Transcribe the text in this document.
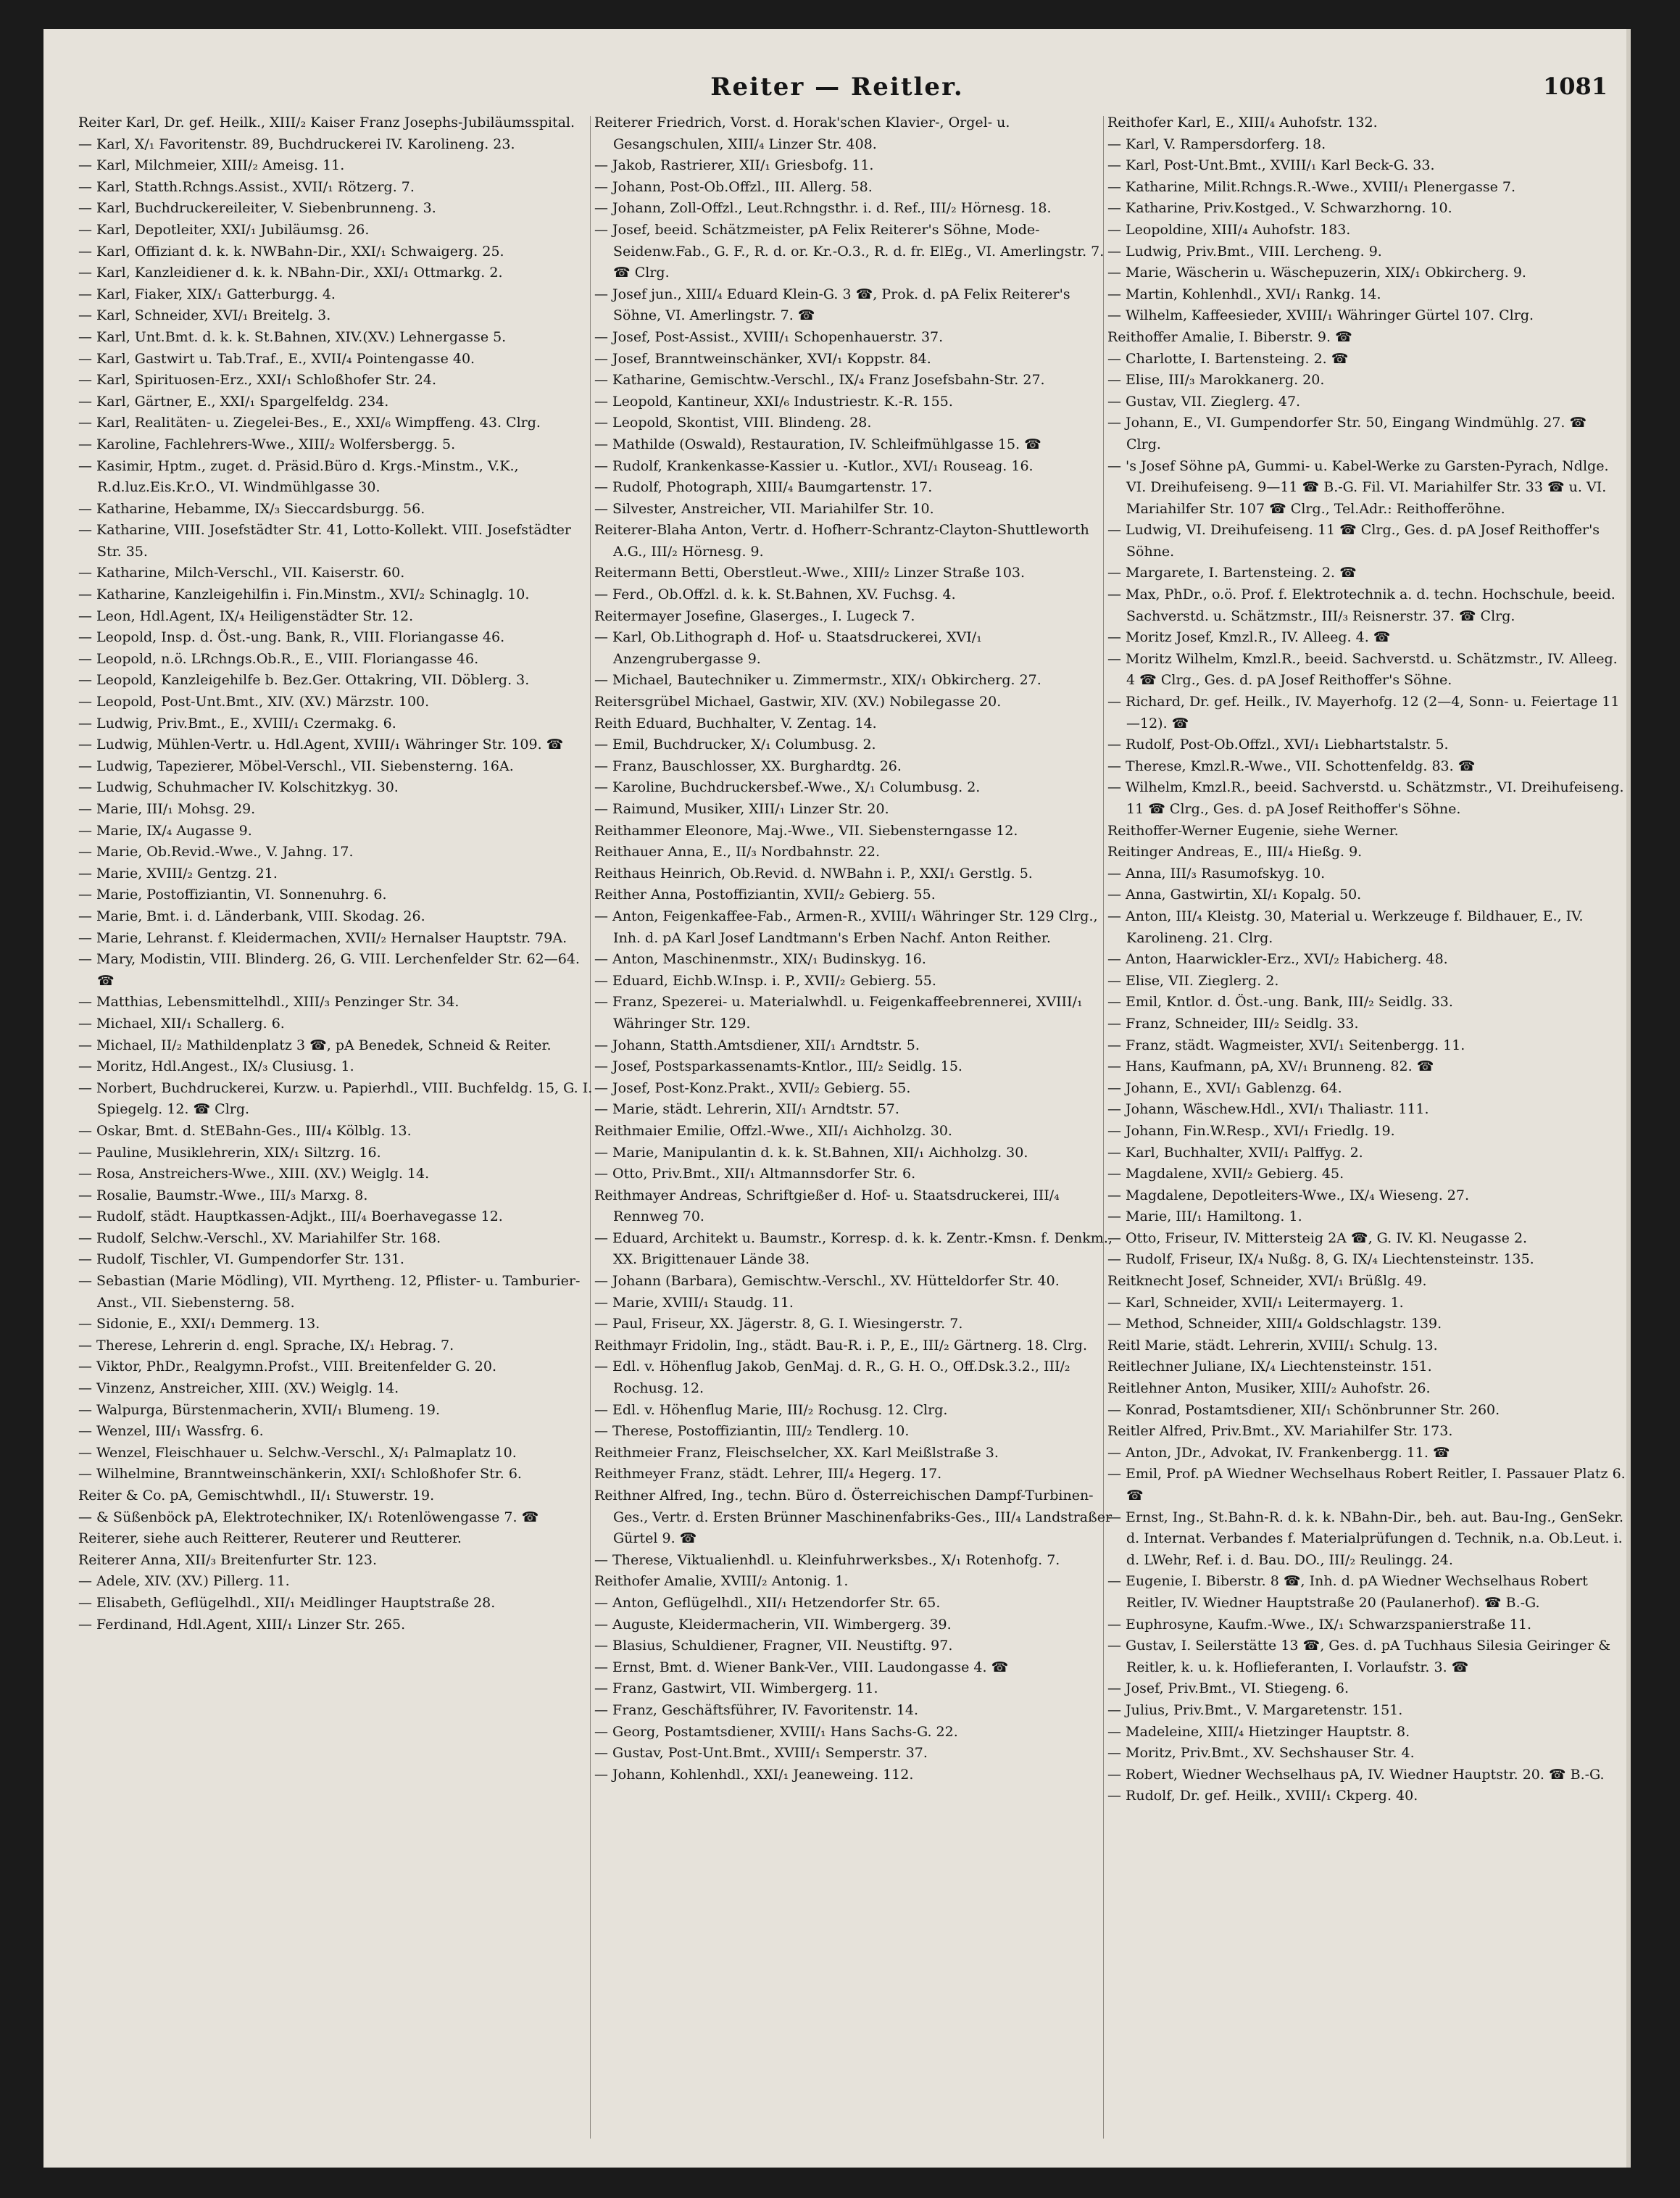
Reiter — Reitler.	1081
Reiter Karl, Dr. gef. Heilk., XIII/₂ Kaiser Franz Josephs-Jubiläumsspital.
— Karl, X/₁ Favoritenstr. 89, Buchdruckerei IV. Karolineng. 23.
— Karl, Milchmeier, XIII/₂ Ameisg. 11.
— Karl, Statth.Rchngs.Assist., XVII/₁ Rötzerg. 7.
— Karl, Buchdruckereileiter, V. Siebenbrunneng. 3.
— Karl, Depotleiter, XXI/₁ Jubiläumsg. 26.
— Karl, Offiziant d. k. k. NWBahn-Dir., XXI/₁ Schwaigerg. 25.
— Karl, Kanzleidiener d. k. k. NBahn-Dir., XXI/₁ Ottmarkg. 2.
— Karl, Fiaker, XIX/₁ Gatterburgg. 4.
— Karl, Schneider, XVI/₁ Breitelg. 3.
— Karl, Unt.Bmt. d. k. k. St.Bahnen, XIV.(XV.) Lehnergasse 5.
— Karl, Gastwirt u. Tab.Traf., E., XVII/₄ Pointengasse 40.
— Karl, Spirituosen-Erz., XXI/₁ Schloßhofer Str. 24.
— Karl, Gärtner, E., XXI/₁ Spargelfeldg. 234.
— Karl, Realitäten- u. Ziegelei-Bes., E., XXI/₆ Wimpffeng. 43. Clrg.
— Karoline, Fachlehrers-Wwe., XIII/₂ Wolfersbergg. 5.
— Kasimir, Hptm., zuget. d. Präsid.Büro d. Krgs.-Minstm., V.K., R.d.luz.Eis.Kr.O., VI. Windmühlgasse 30.
— Katharine, Hebamme, IX/₃ Sieccardsburgg. 56.
— Katharine, VIII. Josefstädter Str. 41, Lotto-Kollekt. VIII. Josefstädter Str. 35.
— Katharine, Milch-Verschl., VII. Kaiserstr. 60.
— Katharine, Kanzleigehilfin i. Fin.Minstm., XVI/₂ Schinaglg. 10.
— Leon, Hdl.Agent, IX/₄ Heiligenstädter Str. 12.
— Leopold, Insp. d. Öst.-ung. Bank, R., VIII. Floriangasse 46.
— Leopold, n.ö. LRchngs.Ob.R., E., VIII. Floriangasse 46.
— Leopold, Kanzleigehilfe b. Bez.Ger. Ottakring, VII. Döblerg. 3.
— Leopold, Post-Unt.Bmt., XIV. (XV.) Märzstr. 100.
— Ludwig, Priv.Bmt., E., XVIII/₁ Czermakg. 6.
— Ludwig, Mühlen-Vertr. u. Hdl.Agent, XVIII/₁ Währinger Str. 109. ☎
— Ludwig, Tapezierer, Möbel-Verschl., VII. Siebensterng. 16A.
— Ludwig, Schuhmacher IV. Kolschitzkyg. 30.
— Marie, III/₁ Mohsg. 29.
— Marie, IX/₄ Augasse 9.
— Marie, Ob.Revid.-Wwe., V. Jahng. 17.
— Marie, XVIII/₂ Gentzg. 21.
— Marie, Postoffiziantin, VI. Sonnenuhrg. 6.
— Marie, Bmt. i. d. Länderbank, VIII. Skodag. 26.
— Marie, Lehranst. f. Kleidermachen, XVII/₂ Hernalser Hauptstr. 79A.
— Mary, Modistin, VIII. Blinderg. 26, G. VIII. Lerchenfelder Str. 62—64. ☎
— Matthias, Lebensmittelhdl., XIII/₃ Penzinger Str. 34.
— Michael, XII/₁ Schallerg. 6.
— Michael, II/₂ Mathildenplatz 3 ☎, pA Benedek, Schneid & Reiter.
— Moritz, Hdl.Angest., IX/₃ Clusiusg. 1.
— Norbert, Buchdruckerei, Kurzw. u. Papierhdl., VIII. Buchfeldg. 15, G. I. Spiegelg. 12. ☎ Clrg.
— Oskar, Bmt. d. StEBahn-Ges., III/₄ Kölblg. 13.
— Pauline, Musiklehrerin, XIX/₁ Siltzrg. 16.
— Rosa, Anstreichers-Wwe., XIII. (XV.) Weiglg. 14.
— Rosalie, Baumstr.-Wwe., III/₃ Marxg. 8.
— Rudolf, städt. Hauptkassen-Adjkt., III/₄ Boerhavegasse 12.
— Rudolf, Selchw.-Verschl., XV. Mariahilfer Str. 168.
— Rudolf, Tischler, VI. Gumpendorfer Str. 131.
— Sebastian (Marie Mödling), VII. Myrtheng. 12, Pflister- u. Tamburier-Anst., VII. Siebensterng. 58.
— Sidonie, E., XXI/₁ Demmerg. 13.
— Therese, Lehrerin d. engl. Sprache, IX/₁ Hebrag. 7.
— Viktor, PhDr., Realgymn.Profst., VIII. Breitenfelder G. 20.
— Vinzenz, Anstreicher, XIII. (XV.) Weiglg. 14.
— Walpurga, Bürstenmacherin, XVII/₁ Blumeng. 19.
— Wenzel, III/₁ Wassfrg. 6.
— Wenzel, Fleischhauer u. Selchw.-Verschl., X/₁ Palmaplatz 10.
— Wilhelmine, Branntweinschänkerin, XXI/₁ Schloßhofer Str. 6.
Reiter & Co. pA, Gemischtwhdl., II/₁ Stuwerstr. 19.
— & Süßenböck pA, Elektrotechniker, IX/₁ Rotenlöwengasse 7. ☎
Reiterer, siehe auch Reitterer, Reuterer und Reutterer.
Reiterer Anna, XII/₃ Breitenfurter Str. 123.
— Adele, XIV. (XV.) Pillerg. 11.
— Elisabeth, Geflügelhdl., XII/₁ Meidlinger Hauptstraße 28.
— Ferdinand, Hdl.Agent, XIII/₁ Linzer Str. 265.
Reiterer Friedrich, Vorst. d. Horak'schen Klavier-, Orgel- u. Gesangschulen, XIII/₄ Linzer Str. 408.
— Jakob, Rastrierer, XII/₁ Griesbofg. 11.
— Johann, Post-Ob.Offzl., III. Allerg. 58.
— Johann, Zoll-Offzl., Leut.Rchngsthr. i. d. Ref., III/₂ Hörnesg. 18.
— Josef, beeid. Schätzmeister, pA Felix Reiterer's Söhne, Mode-Seidenw.Fab., G. F., R. d. or. Kr.-O.3., R. d. fr. ElEg., VI. Amerlingstr. 7. ☎ Clrg.
— Josef jun., XIII/₄ Eduard Klein-G. 3 ☎, Prok. d. pA Felix Reiterer's Söhne, VI. Amerlingstr. 7. ☎
— Josef, Post-Assist., XVIII/₁ Schopenhauerstr. 37.
— Josef, Branntweinschänker, XVI/₁ Koppstr. 84.
— Katharine, Gemischtw.-Verschl., IX/₄ Franz Josefsbahn-Str. 27.
— Leopold, Kantineur, XXI/₆ Industriestr. K.-R. 155.
— Leopold, Skontist, VIII. Blindeng. 28.
— Mathilde (Oswald), Restauration, IV. Schleifmühlgasse 15. ☎
— Rudolf, Krankenkasse-Kassier u. -Kutlor., XVI/₁ Rouseag. 16.
— Rudolf, Photograph, XIII/₄ Baumgartenstr. 17.
— Silvester, Anstreicher, VII. Mariahilfer Str. 10.
Reiterer-Blaha Anton, Vertr. d. Hofherr-Schrantz-Clayton-Shuttleworth A.G., III/₂ Hörnesg. 9.
Reitermann Betti, Oberstleut.-Wwe., XIII/₂ Linzer Straße 103.
— Ferd., Ob.Offzl. d. k. k. St.Bahnen, XV. Fuchsg. 4.
Reitermayer Josefine, Glaserges., I. Lugeck 7.
— Karl, Ob.Lithograph d. Hof- u. Staatsdruckerei, XVI/₁ Anzengrubergasse 9.
— Michael, Bautechniker u. Zimmermstr., XIX/₁ Obkircherg. 27.
Reitersgrübel Michael, Gastwir, XIV. (XV.) Nobilegasse 20.
Reith Eduard, Buchhalter, V. Zentag. 14.
— Emil, Buchdrucker, X/₁ Columbusg. 2.
— Franz, Bauschlosser, XX. Burghardtg. 26.
— Karoline, Buchdruckersbef.-Wwe., X/₁ Columbusg. 2.
— Raimund, Musiker, XIII/₁ Linzer Str. 20.
Reithammer Eleonore, Maj.-Wwe., VII. Siebensterngasse 12.
Reithauer Anna, E., II/₃ Nordbahnstr. 22.
Reithaus Heinrich, Ob.Revid. d. NWBahn i. P., XXI/₁ Gerstlg. 5.
Reither Anna, Postoffiziantin, XVII/₂ Gebierg. 55.
— Anton, Feigenkaffee-Fab., Armen-R., XVIII/₁ Währinger Str. 129 Clrg., Inh. d. pA Karl Josef Landtmann's Erben Nachf. Anton Reither.
— Anton, Maschinenmstr., XIX/₁ Budinskyg. 16.
— Eduard, Eichb.W.Insp. i. P., XVII/₂ Gebierg. 55.
— Franz, Spezerei- u. Materialwhdl. u. Feigenkaffeebrennerei, XVIII/₁ Währinger Str. 129.
— Johann, Statth.Amtsdiener, XII/₁ Arndtstr. 5.
— Josef, Postsparkassenamts-Kntlor., III/₂ Seidlg. 15.
— Josef, Post-Konz.Prakt., XVII/₂ Gebierg. 55.
— Marie, städt. Lehrerin, XII/₁ Arndtstr. 57.
Reithmaier Emilie, Offzl.-Wwe., XII/₁ Aichholzg. 30.
— Marie, Manipulantin d. k. k. St.Bahnen, XII/₁ Aichholzg. 30.
— Otto, Priv.Bmt., XII/₁ Altmannsdorfer Str. 6.
Reithmayer Andreas, Schriftgießer d. Hof- u. Staatsdruckerei, III/₄ Rennweg 70.
— Eduard, Architekt u. Baumstr., Korresp. d. k. k. Zentr.-Kmsn. f. Denkm., XX. Brigittenauer Lände 38.
— Johann (Barbara), Gemischtw.-Verschl., XV. Hütteldorfer Str. 40.
— Marie, XVIII/₁ Staudg. 11.
— Paul, Friseur, XX. Jägerstr. 8, G. I. Wiesingerstr. 7.
Reithmayr Fridolin, Ing., städt. Bau-R. i. P., E., III/₂ Gärtnerg. 18. Clrg.
— Edl. v. Höhenflug Jakob, GenMaj. d. R., G. H. O., Off.Dsk.3.2., III/₂ Rochusg. 12.
— Edl. v. Höhenflug Marie, III/₂ Rochusg. 12. Clrg.
— Therese, Postoffiziantin, III/₂ Tendlerg. 10.
Reithmeier Franz, Fleischselcher, XX. Karl Meißlstraße 3.
Reithmeyer Franz, städt. Lehrer, III/₄ Hegerg. 17.
Reithner Alfred, Ing., techn. Büro d. Österreichischen Dampf-Turbinen-Ges., Vertr. d. Ersten Brünner Maschinenfabriks-Ges., III/₄ Landstraßer Gürtel 9. ☎
— Therese, Viktualienhdl. u. Kleinfuhrwerksbes., X/₁ Rotenhofg. 7.
Reithofer Amalie, XVIII/₂ Antonig. 1.
— Anton, Geflügelhdl., XII/₁ Hetzendorfer Str. 65.
— Auguste, Kleidermacherin, VII. Wimbergerg. 39.
— Blasius, Schuldiener, Fragner, VII. Neustiftg. 97.
— Ernst, Bmt. d. Wiener Bank-Ver., VIII. Laudongasse 4. ☎
— Franz, Gastwirt, VII. Wimbergerg. 11.
— Franz, Geschäftsführer, IV. Favoritenstr. 14.
— Georg, Postamtsdiener, XVIII/₁ Hans Sachs-G. 22.
— Gustav, Post-Unt.Bmt., XVIII/₁ Semperstr. 37.
— Johann, Kohlenhdl., XXI/₁ Jeaneweing. 112.
Reithofer Karl, E., XIII/₄ Auhofstr. 132.
— Karl, V. Rampersdorferg. 18.
— Karl, Post-Unt.Bmt., XVIII/₁ Karl Beck-G. 33.
— Katharine, Milit.Rchngs.R.-Wwe., XVIII/₁ Plenergasse 7.
— Katharine, Priv.Kostged., V. Schwarzhorng. 10.
— Leopoldine, XIII/₄ Auhofstr. 183.
— Ludwig, Priv.Bmt., VIII. Lercheng. 9.
— Marie, Wäscherin u. Wäschepuzerin, XIX/₁ Obkircherg. 9.
— Martin, Kohlenhdl., XVI/₁ Rankg. 14.
— Wilhelm, Kaffeesieder, XVIII/₁ Währinger Gürtel 107. Clrg.
Reithoffer Amalie, I. Biberstr. 9. ☎
— Charlotte, I. Bartensteing. 2. ☎
— Elise, III/₃ Marokkanerg. 20.
— Gustav, VII. Zieglerg. 47.
— Johann, E., VI. Gumpendorfer Str. 50, Eingang Windmühlg. 27. ☎ Clrg.
— 's Josef Söhne pA, Gummi- u. Kabel-Werke zu Garsten-Pyrach, Ndlge. VI. Dreihufeiseng. 9—11 ☎ B.-G. Fil. VI. Mariahilfer Str. 33 ☎ u. VI. Mariahilfer Str. 107 ☎ Clrg., Tel.Adr.: Reithofferöhne.
— Ludwig, VI. Dreihufeiseng. 11 ☎ Clrg., Ges. d. pA Josef Reithoffer's Söhne.
— Margarete, I. Bartensteing. 2. ☎
— Max, PhDr., o.ö. Prof. f. Elektrotechnik a. d. techn. Hochschule, beeid. Sachverstd. u. Schätzmstr., III/₃ Reisnerstr. 37. ☎ Clrg.
— Moritz Josef, Kmzl.R., IV. Alleeg. 4. ☎
— Moritz Wilhelm, Kmzl.R., beeid. Sachverstd. u. Schätzmstr., IV. Alleeg. 4 ☎ Clrg., Ges. d. pA Josef Reithoffer's Söhne.
— Richard, Dr. gef. Heilk., IV. Mayerhofg. 12 (2—4, Sonn- u. Feiertage 11—12). ☎
— Rudolf, Post-Ob.Offzl., XVI/₁ Liebhartstalstr. 5.
— Therese, Kmzl.R.-Wwe., VII. Schottenfeldg. 83. ☎
— Wilhelm, Kmzl.R., beeid. Sachverstd. u. Schätzmstr., VI. Dreihufeiseng. 11 ☎ Clrg., Ges. d. pA Josef Reithoffer's Söhne.
Reithoffer-Werner Eugenie, siehe Werner.
Reitinger Andreas, E., III/₄ Hießg. 9.
— Anna, III/₃ Rasumofskyg. 10.
— Anna, Gastwirtin, XI/₁ Kopalg. 50.
— Anton, III/₄ Kleistg. 30, Material u. Werkzeuge f. Bildhauer, E., IV. Karolineng. 21. Clrg.
— Anton, Haarwickler-Erz., XVI/₂ Habicherg. 48.
— Elise, VII. Zieglerg. 2.
— Emil, Kntlor. d. Öst.-ung. Bank, III/₂ Seidlg. 33.
— Franz, Schneider, III/₂ Seidlg. 33.
— Franz, städt. Wagmeister, XVI/₁ Seitenbergg. 11.
— Hans, Kaufmann, pA, XV/₁ Brunneng. 82. ☎
— Johann, E., XVI/₁ Gablenzg. 64.
— Johann, Wäschew.Hdl., XVI/₁ Thaliastr. 111.
— Johann, Fin.W.Resp., XVI/₁ Friedlg. 19.
— Karl, Buchhalter, XVII/₁ Palffyg. 2.
— Magdalene, XVII/₂ Gebierg. 45.
— Magdalene, Depotleiters-Wwe., IX/₄ Wieseng. 27.
— Marie, III/₁ Hamiltong. 1.
— Otto, Friseur, IV. Mittersteig 2A ☎, G. IV. Kl. Neugasse 2.
— Rudolf, Friseur, IX/₄ Nußg. 8, G. IX/₄ Liechtensteinstr. 135.
Reitknecht Josef, Schneider, XVI/₁ Brüßlg. 49.
— Karl, Schneider, XVII/₁ Leitermayerg. 1.
— Method, Schneider, XIII/₄ Goldschlagstr. 139.
Reitl Marie, städt. Lehrerin, XVIII/₁ Schulg. 13.
Reitlechner Juliane, IX/₄ Liechtensteinstr. 151.
Reitlehner Anton, Musiker, XIII/₂ Auhofstr. 26.
— Konrad, Postamtsdiener, XII/₁ Schönbrunner Str. 260.
Reitler Alfred, Priv.Bmt., XV. Mariahilfer Str. 173.
— Anton, JDr., Advokat, IV. Frankenbergg. 11. ☎
— Emil, Prof. pA Wiedner Wechselhaus Robert Reitler, I. Passauer Platz 6. ☎
— Ernst, Ing., St.Bahn-R. d. k. k. NBahn-Dir., beh. aut. Bau-Ing., GenSekr. d. Internat. Verbandes f. Materialprüfungen d. Technik, n.a. Ob.Leut. i. d. LWehr, Ref. i. d. Bau. DO., III/₂ Reulingg. 24.
— Eugenie, I. Biberstr. 8 ☎, Inh. d. pA Wiedner Wechselhaus Robert Reitler, IV. Wiedner Hauptstraße 20 (Paulanerhof). ☎ B.-G.
— Euphrosyne, Kaufm.-Wwe., IX/₁ Schwarzspanierstraße 11.
— Gustav, I. Seilerstätte 13 ☎, Ges. d. pA Tuchhaus Silesia Geiringer & Reitler, k. u. k. Hoflieferanten, I. Vorlaufstr. 3. ☎
— Josef, Priv.Bmt., VI. Stiegeng. 6.
— Julius, Priv.Bmt., V. Margaretenstr. 151.
— Madeleine, XIII/₄ Hietzinger Hauptstr. 8.
— Moritz, Priv.Bmt., XV. Sechshauser Str. 4.
— Robert, Wiedner Wechselhaus pA, IV. Wiedner Hauptstr. 20. ☎ B.-G.
— Rudolf, Dr. gef. Heilk., XVIII/₁ Ckperg. 40.
